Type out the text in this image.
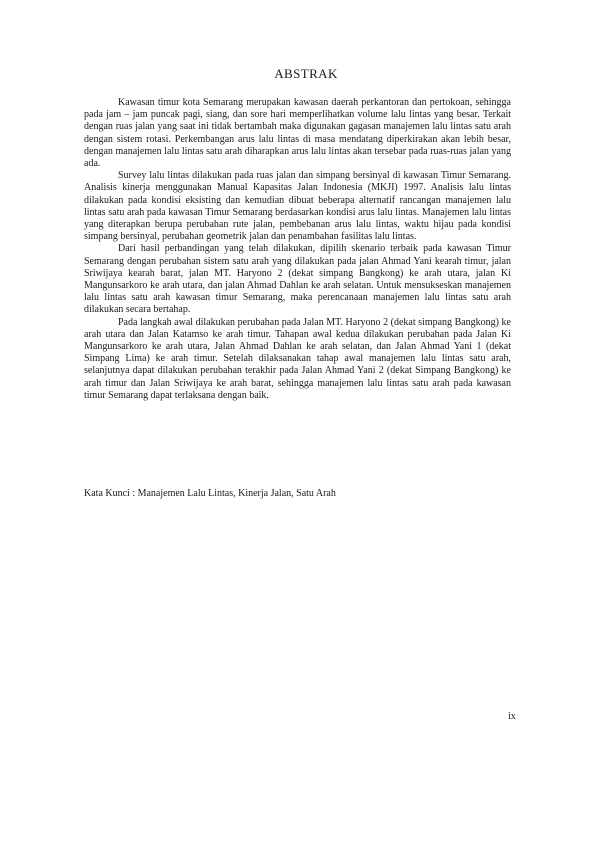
ABSTRAK

Kawasan timur kota Semarang merupakan kawasan daerah perkantoran dan pertokoan, sehingga pada jam – jam puncak pagi, siang, dan sore hari memperlihatkan volume lalu lintas yang besar. Terkait dengan ruas jalan yang saat ini tidak bertambah maka digunakan gagasan manajemen lalu lintas satu arah dengan sistem rotasi. Perkembangan arus lalu lintas di masa mendatang diperkirakan akan lebih besar, dengan manajemen lalu lintas satu arah diharapkan arus lalu lintas akan tersebar pada ruas-ruas jalan yang ada.

Survey lalu lintas dilakukan pada ruas jalan dan simpang bersinyal di kawasan Timur Semarang. Analisis kinerja menggunakan Manual Kapasitas Jalan Indonesia (MKJI) 1997. Analisis lalu lintas dilakukan pada kondisi eksisting dan kemudian dibuat beberapa alternatif rancangan manajemen lalu lintas satu arah pada kawasan Timur Semarang berdasarkan kondisi arus lalu lintas. Manajemen lalu lintas yang diterapkan berupa perubahan rute jalan, pembebanan arus lalu lintas, waktu hijau pada kondisi simpang bersinyal, perubahan geometrik jalan dan penambahan fasilitas lalu lintas.

Dari hasil perbandingan yang telah dilakukan, dipilih skenario terbaik pada kawasan Timur Semarang dengan perubahan sistem satu arah yang dilakukan pada jalan Ahmad Yani kearah timur, jalan Sriwijaya kearah barat, jalan MT. Haryono 2 (dekat simpang Bangkong) ke arah utara, jalan Ki Mangunsarkoro ke arah utara, dan jalan Ahmad Dahlan ke arah selatan. Untuk mensukseskan manajemen lalu lintas satu arah kawasan timur Semarang, maka perencanaan manajemen lalu lintas satu arah dilakukan secara bertahap.

Pada langkah awal dilakukan perubahan pada Jalan MT. Haryono 2 (dekat simpang Bangkong) ke arah utara dan Jalan Katamso ke arah timur. Tahapan awal kedua dilakukan perubahan pada Jalan Ki Mangunsarkoro ke arah utara, Jalan Ahmad Dahlan ke arah selatan, dan Jalan Ahmad Yani 1 (dekat Simpang Lima) ke arah timur. Setelah dilaksanakan tahap awal manajemen lalu lintas satu arah, selanjutnya dapat dilakukan perubahan terakhir pada Jalan Ahmad Yani 2 (dekat Simpang Bangkong) ke arah timur dan Jalan Sriwijaya ke arah barat, sehingga manajemen lalu lintas satu arah pada kawasan timur Semarang dapat terlaksana dengan baik.

Kata Kunci : Manajemen Lalu Lintas, Kinerja Jalan, Satu Arah
ix
